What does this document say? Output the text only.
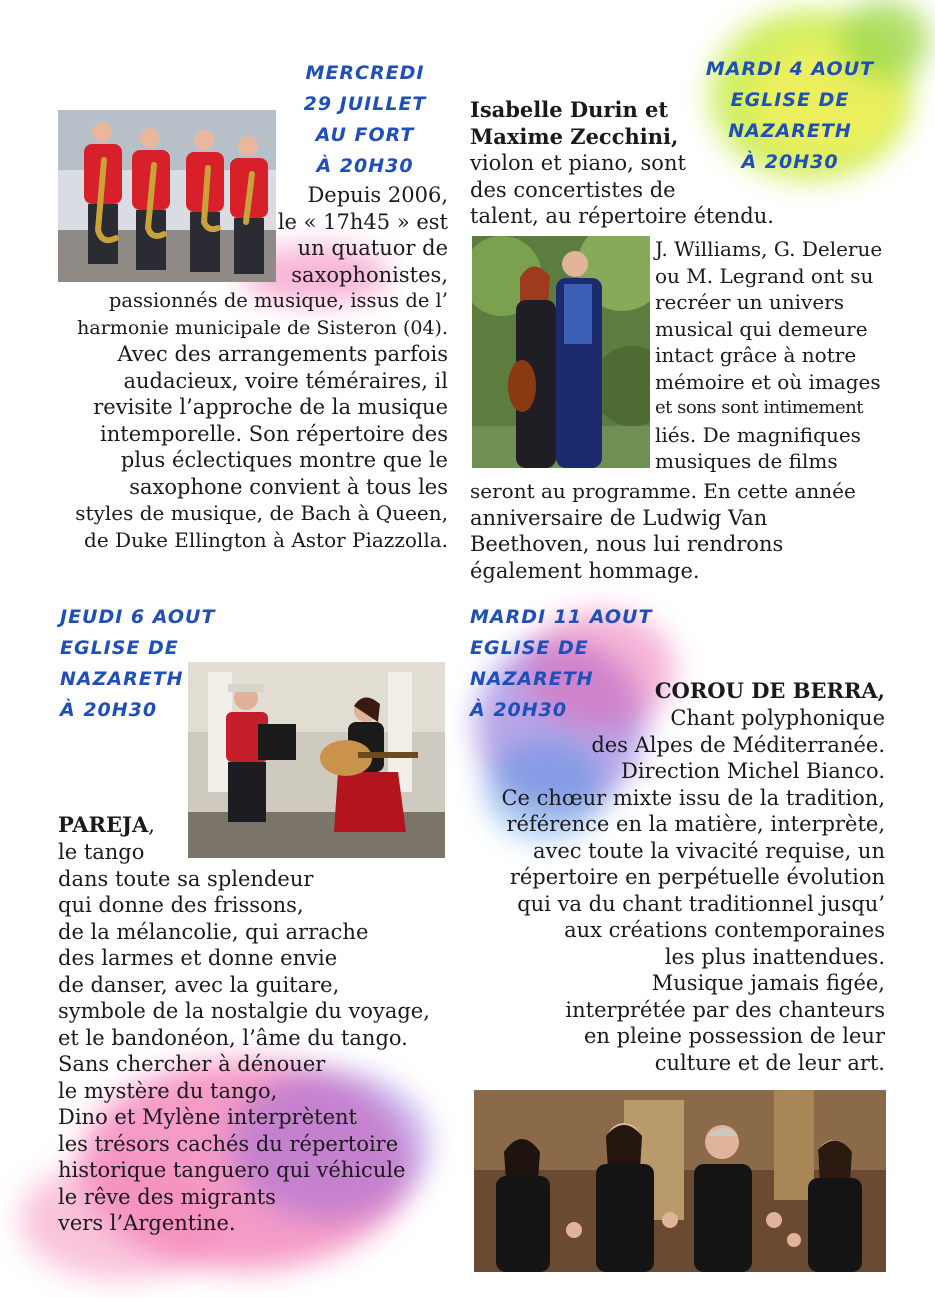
MERCREDI
29 JUILLET
AU FORT
À 20H30
Depuis 2006,
le « 17h45 » est
un quatuor de
saxophonistes,
passionnés de musique, issus de l’
harmonie municipale de Sisteron (04).
Avec des arrangements parfois
audacieux, voire téméraires, il
revisite l’approche de la musique
intemporelle. Son répertoire des
plus éclectiques montre que le
saxophone convient à tous les
styles de musique, de Bach à Queen,
de Duke Ellington à Astor Piazzolla.
MARDI 4 AOUT
EGLISE DE
NAZARETH
À 20H30
Isabelle Durin et
Maxime Zecchini,
violon et piano, sont
des concertistes de
talent, au répertoire étendu.
J. Williams, G. Delerue
ou M. Legrand ont su
recréer un univers
musical qui demeure
intact grâce à notre
mémoire et où images
et sons sont intimement
liés. De magnifiques
musiques de films
seront au programme. En cette année
anniversaire de Ludwig Van
Beethoven, nous lui rendrons
également hommage.
JEUDI 6 AOUT
EGLISE DE
NAZARETH
À 20H30
PAREJA,
le tango
dans toute sa splendeur
qui donne des frissons,
de la mélancolie, qui arrache
des larmes et donne envie
de danser, avec la guitare,
symbole de la nostalgie du voyage,
et le bandonéon, l’âme du tango.
Sans chercher à dénouer
le mystère du tango,
Dino et Mylène interprètent
les trésors cachés du répertoire
historique tanguero qui véhicule
le rêve des migrants
vers l’Argentine.
MARDI 11 AOUT
EGLISE DE
NAZARETH
À 20H30
COROU DE BERRA,
Chant polyphonique
des Alpes de Méditerranée.
Direction Michel Bianco.
Ce chœur mixte issu de la tradition,
référence en la matière, interprète,
avec toute la vivacité requise, un
répertoire en perpétuelle évolution
qui va du chant traditionnel jusqu’
aux créations contemporaines
les plus inattendues.
Musique jamais figée,
interprétée par des chanteurs
en pleine possession de leur
culture et de leur art.
